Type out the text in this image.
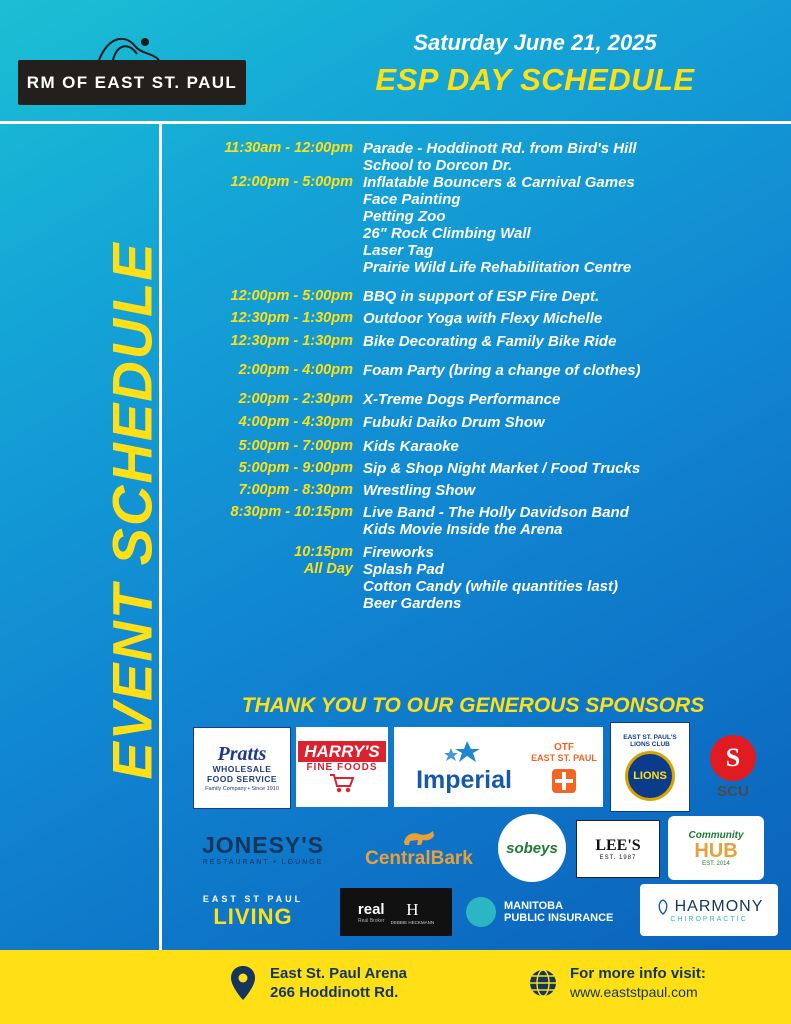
RM OF EAST ST. PAUL
Saturday June 21, 2025
ESP DAY SCHEDULE
EVENT SCHEDULE
11:30am - 12:00pm Parade - Hoddinott Rd. from Bird's Hill
School to Dorcon Dr.
12:00pm - 5:00pm Inflatable Bouncers & Carnival Games
Face Painting
Petting Zoo
26" Rock Climbing Wall
Laser Tag
Prairie Wild Life Rehabilitation Centre
12:00pm - 5:00pm BBQ in support of ESP Fire Dept.
12:30pm - 1:30pm Outdoor Yoga with Flexy Michelle
12:30pm - 1:30pm Bike Decorating & Family Bike Ride
2:00pm - 4:00pm Foam Party (bring a change of clothes)
2:00pm - 2:30pm X-Treme Dogs Performance
4:00pm - 4:30pm Fubuki Daiko Drum Show
5:00pm - 7:00pm Kids Karaoke
5:00pm - 9:00pm Sip & Shop Night Market / Food Trucks
7:00pm - 8:30pm Wrestling Show
8:30pm - 10:15pm Live Band - The Holly Davidson Band
Kids Movie Inside the Arena
10:15pm Fireworks
All Day Splash Pad
Cotton Candy (while quantities last)
Beer Gardens
THANK YOU TO OUR GENEROUS SPONSORS
Pratts
WHOLESALE
FOOD SERVICE
Family Company • Since 1910
HARRY'S
FINE FOODS Imperial
OTF
EAST ST. PAUL
EAST ST. PAUL'S
LIONS CLUB
LIONS
S
SCU
JONESY'S
RESTAURANT • LOUNGE CentralBark sobeys LEE'S
EST. 1987
Community
HUB
EST. 2014
EAST ST PAUL
LIVING	real
Real Broker
H
DEBBIE HECKMANN
MANITOBA
PUBLIC INSURANCE
HARMONY
CHIROPRACTIC
East St. Paul Arena
266 Hoddinott Rd.
For more info visit:
www.eaststpaul.com
